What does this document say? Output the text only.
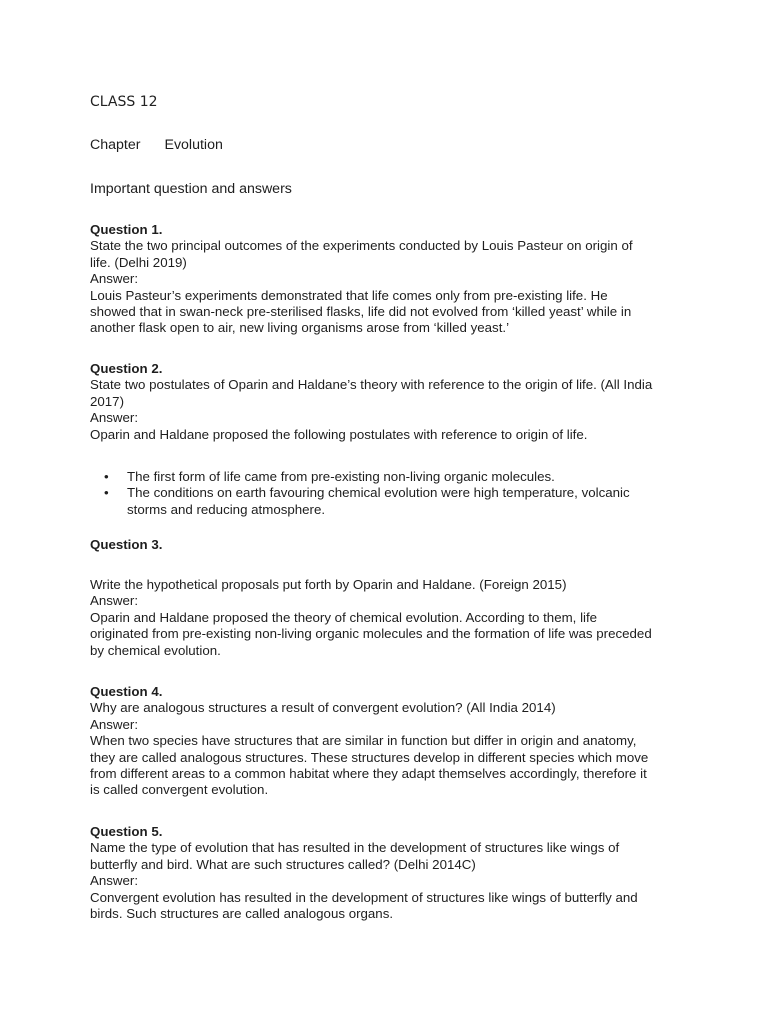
CLASS 12
Chapter Evolution
Important question and answers
Question 1.
State the two principal outcomes of the experiments conducted by Louis Pasteur on origin of
life. (Delhi 2019)
Answer:
Louis Pasteur’s experiments demonstrated that life comes only from pre-existing life. He
showed that in swan-neck pre-sterilised flasks, life did not evolved from ‘killed yeast’ while in
another flask open to air, new living organisms arose from ‘killed yeast.’
Question 2.
State two postulates of Oparin and Haldane’s theory with reference to the origin of life. (All India
2017)
Answer:
Oparin and Haldane proposed the following postulates with reference to origin of life.
• The first form of life came from pre-existing non-living organic molecules.
• The conditions on earth favouring chemical evolution were high temperature, volcanic
storms and reducing atmosphere.
Question 3.
Write the hypothetical proposals put forth by Oparin and Haldane. (Foreign 2015)
Answer:
Oparin and Haldane proposed the theory of chemical evolution. According to them, life
originated from pre-existing non-living organic molecules and the formation of life was preceded
by chemical evolution.
Question 4.
Why are analogous structures a result of convergent evolution? (All India 2014)
Answer:
When two species have structures that are similar in function but differ in origin and anatomy,
they are called analogous structures. These structures develop in different species which move
from different areas to a common habitat where they adapt themselves accordingly, therefore it
is called convergent evolution.
Question 5.
Name the type of evolution that has resulted in the development of structures like wings of
butterfly and bird. What are such structures called? (Delhi 2014C)
Answer:
Convergent evolution has resulted in the development of structures like wings of butterfly and
birds. Such structures are called analogous organs.
